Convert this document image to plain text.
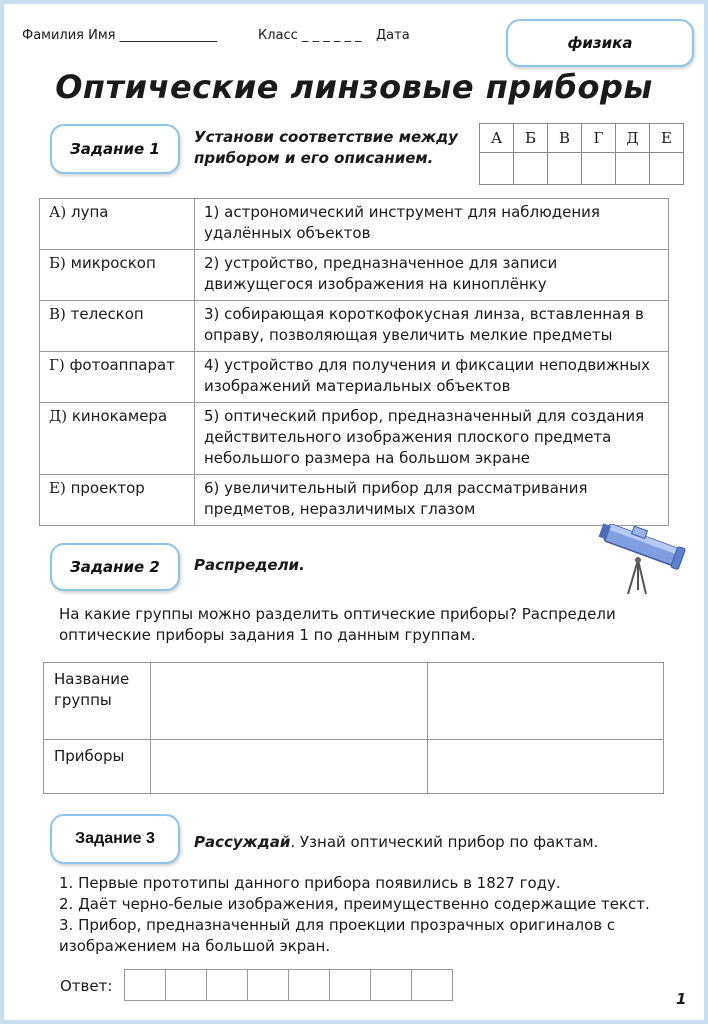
Фамилия Имя _______________	Класс _ _ _ _ _ _ Дата	физика
Оптические линзовые приборы
Задание 1
Установи соответствие между прибором и его описанием.
А	Б	В	Г	Д	Е

А) лупа	1) астрономический инструмент для наблюдения удалённых объектов
Б) микроскоп	2) устройство, предназначенное для записи движущегося изображения на киноплёнку
В) телескоп	3) собирающая короткофокусная линза, вставленная в оправу, позволяющая увеличить мелкие предметы
Г) фотоаппарат	4) устройство для получения и фиксации неподвижных изображений материальных объектов
Д) кинокамера	5) оптический прибор, предназначенный для создания действительного изображения плоского предмета небольшого размера на большом экране
Е) проектор	6) увеличительный прибор для рассматривания предметов, неразличимых глазом
Задание 2	Распредели.
На какие группы можно разделить оптические приборы? Распредели оптические приборы задания 1 по данным группам.
Название группы		
Приборы		
Задание 3	Рассуждай. Узнай оптический прибор по фактам.
1. Первые прототипы данного прибора появились в 1827 году.
2. Даёт черно-белые изображения, преимущественно содержащие текст.
3. Прибор, предназначенный для проекции прозрачных оригиналов с изображением на большой экран.
Ответ:

1
